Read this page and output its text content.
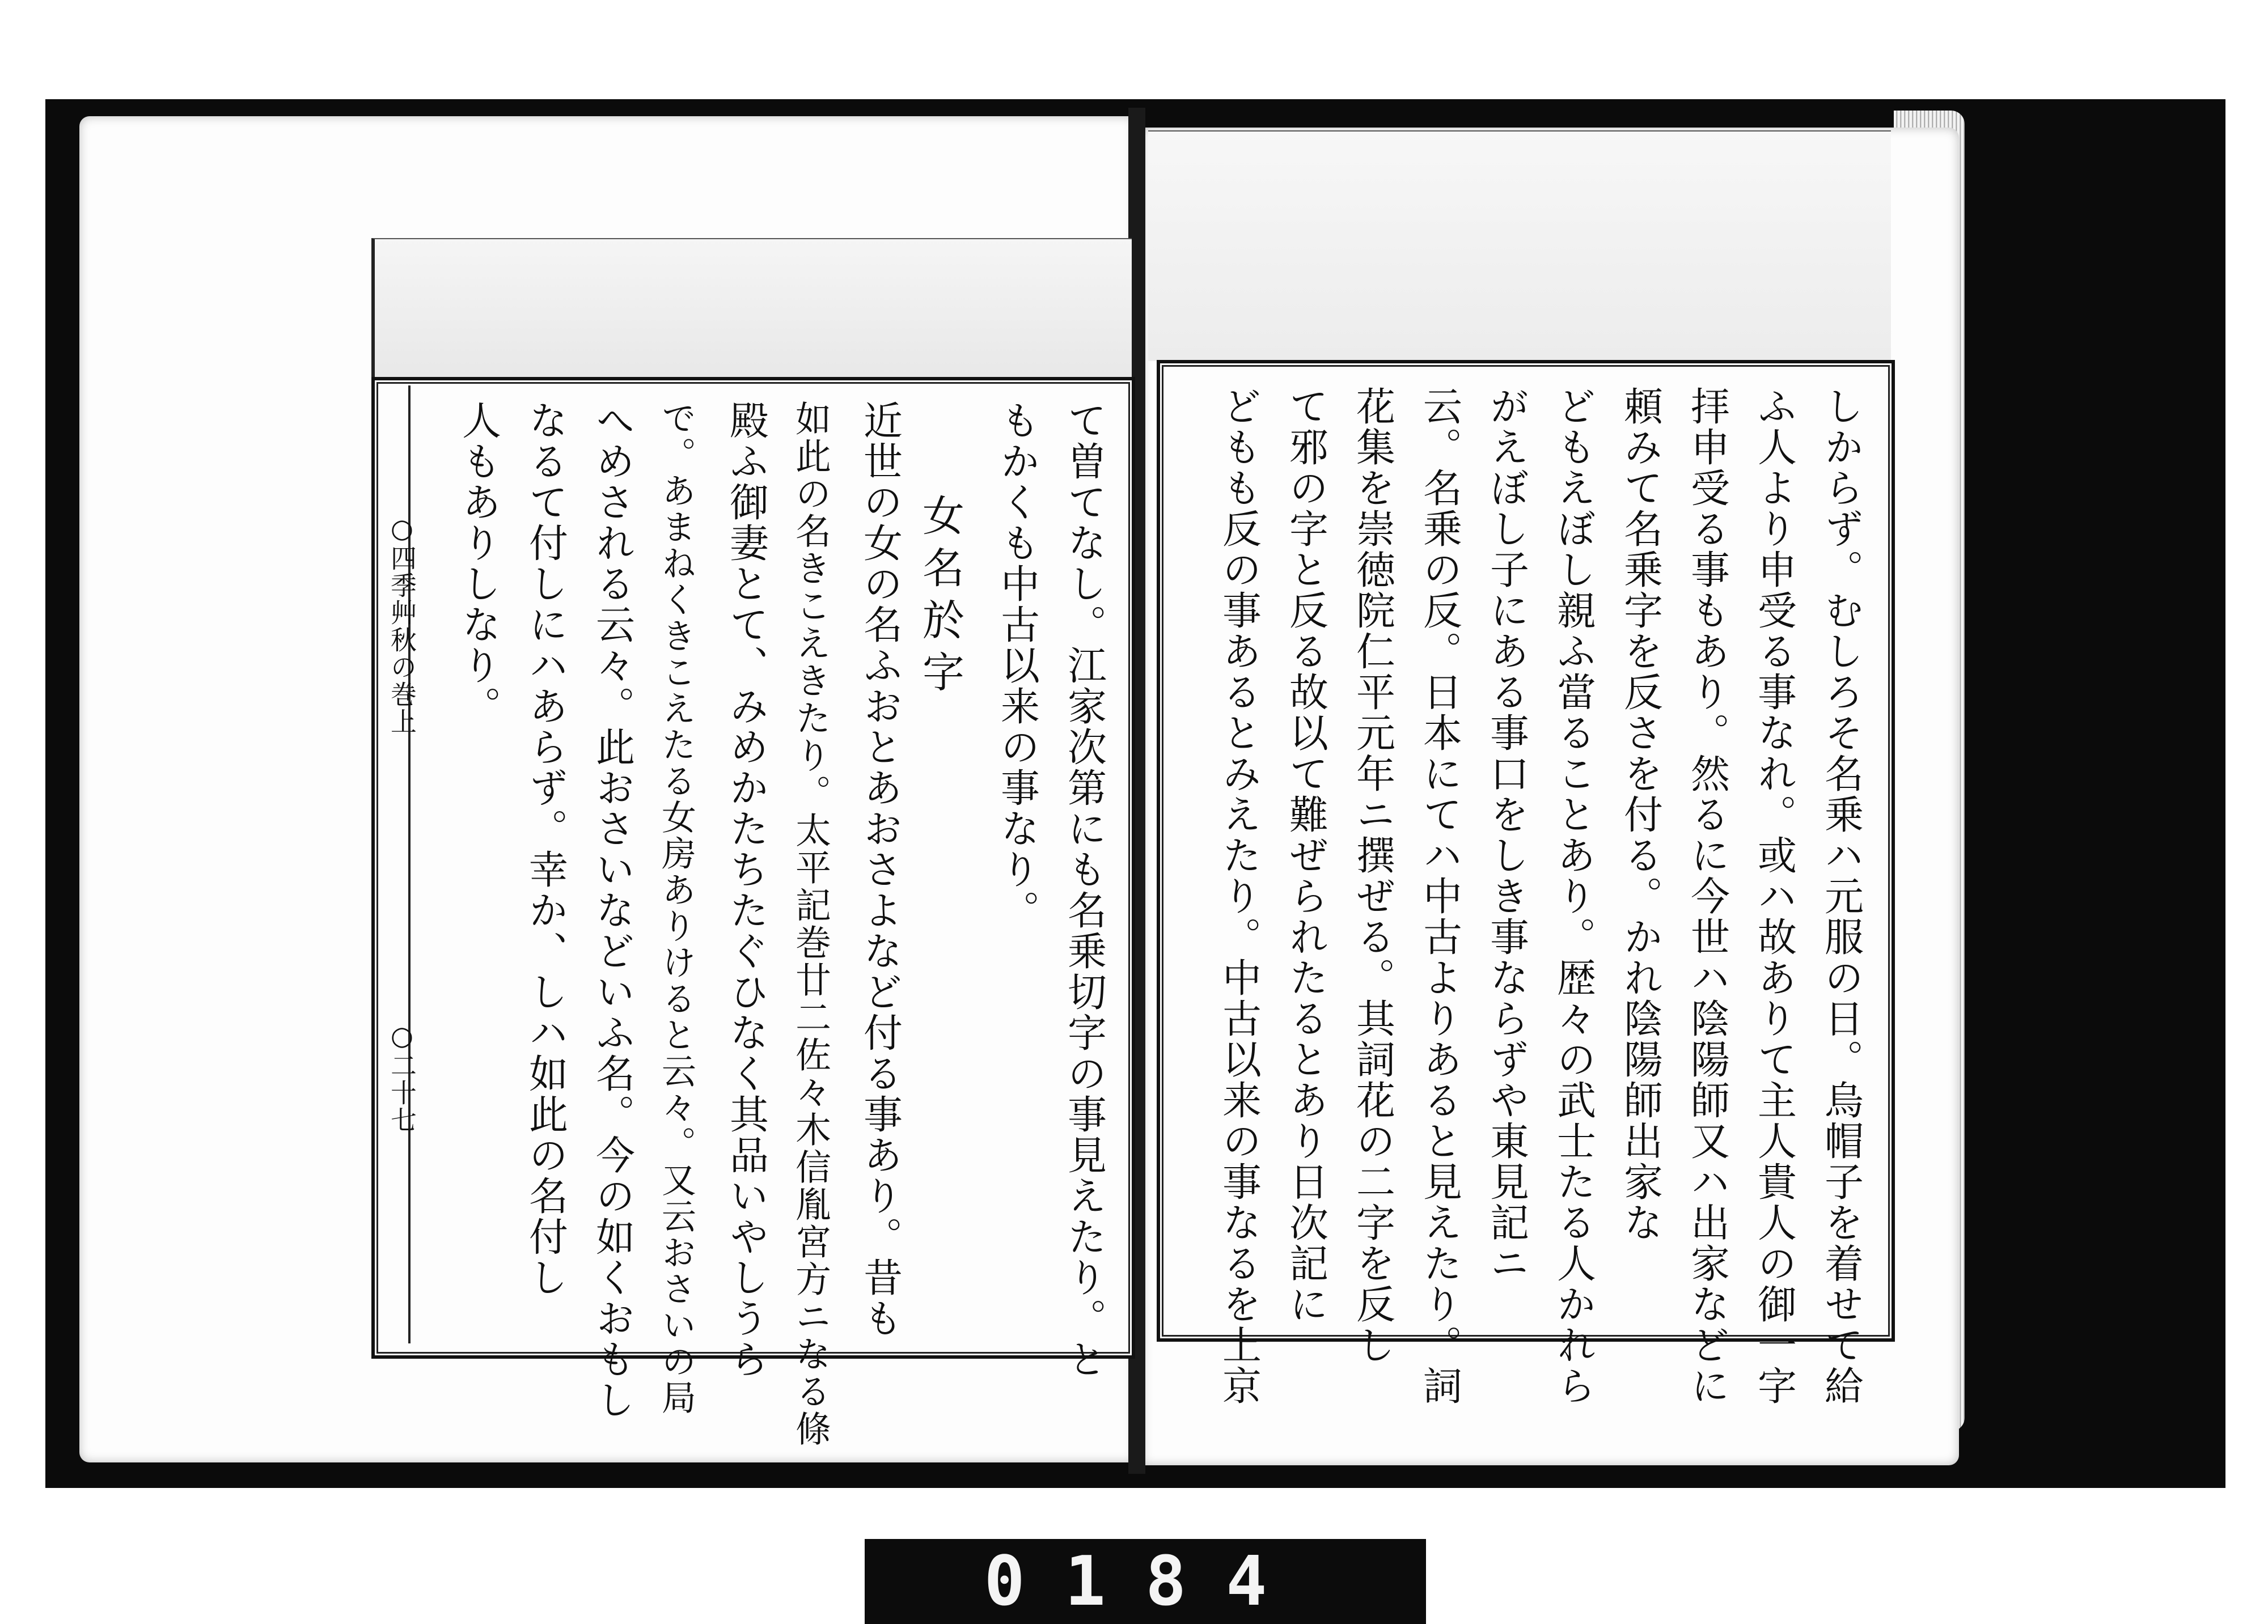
しからず。むしろそ名乗ハ元服の日。烏帽子を着せて給
ふ人より申受る事なれ。或ハ故ありて主人貴人の御一字
拝申受る事もあり。然るに今世ハ陰陽師又ハ出家などに
頼みて名乗字を反さを付る。かれ陰陽師出家な
どもえぼし親ふ當ることあり。歴々の武士たる人かれら
がえぼし子にある事口をしき事ならずや東見記ニ
云。名乗の反。日本にてハ中古よりあると見えたり。詞
花集を崇徳院仁平元年ニ撰ぜる。其詞花の二字を反し
て邪の字と反る故以て難ぜられたるとあり日次記に
どもも反の事あるとみえたり。中古以来の事なるを上京
て曽てなし。江家次第にも名乗切字の事見えたり。と
もかくも中古以来の事なり。
女名於字
近世の女の名ふおとあおさよなど付る事あり。昔も
如此の名きこえきたり。太平記巻廿二佐々木信胤宮方ニなる條
殿ふ御妻とて、みめかたちたぐひなく其品いやしうら
で。あまねくきこえたる女房ありけると云々。又云おさいの局
へめされる云々。此おさいなどいふ名。今の如くおもし
なるて付しにハあらず。幸か、しハ如此の名付し
人もありしなり。
○四季艸秋の巻上
○二十七
0184
